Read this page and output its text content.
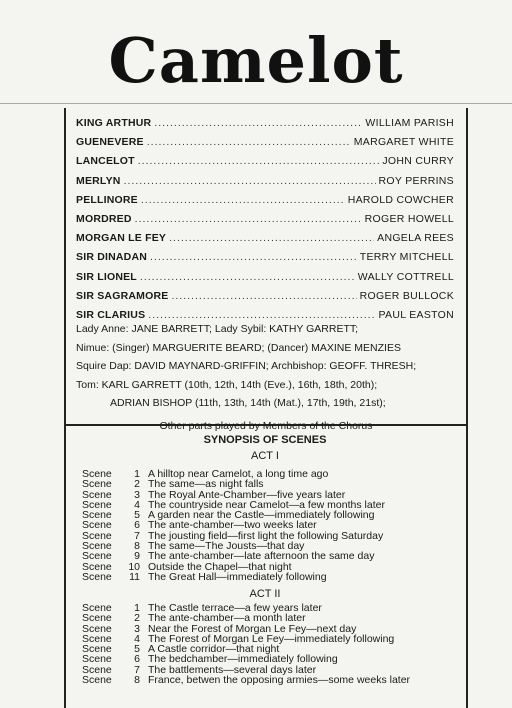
Camelot
KING ARTHUR .....	WILLIAM PARISH
GUENEVERE .....	MARGARET WHITE
LANCELOT .....	JOHN CURRY
MERLYN .....	ROY PERRINS
PELLINORE .....	HAROLD COWCHER
MORDRED .....	ROGER HOWELL
MORGAN LE FEY .....	ANGELA REES
SIR DINADAN .....	TERRY MITCHELL
SIR LIONEL .....	WALLY COTTRELL
SIR SAGRAMORE .....	ROGER BULLOCK
SIR CLARIUS .....	PAUL EASTON
Lady Anne: JANE BARRETT; Lady Sybil: KATHY GARRETT;
Nimue: (Singer) MARGUERITE BEARD; (Dancer) MAXINE MENZIES
Squire Dap: DAVID MAYNARD-GRIFFIN; Archbishop: GEOFF. THRESH;
Tom: KARL GARRETT (10th, 12th, 14th (Eve.), 16th, 18th, 20th);
ADRIAN BISHOP (11th, 13th, 14th (Mat.), 17th, 19th, 21st);
Other parts played by Members of the Chorus
SYNOPSIS OF SCENES
ACT I
Scene	1 A hilltop near Camelot, a long time ago
Scene	2 The same—as night falls
Scene	3 The Royal Ante-Chamber—five years later
Scene	4 The countryside near Camelot—a few months later
Scene	5 A garden near the Castle—immediately following
Scene	6 The ante-chamber—two weeks later
Scene	7 The jousting field—first light the following Saturday
Scene	8 The same—The Jousts—that day
Scene	9 The ante-chamber—late afternoon the same day
Scene	10 Outside the Chapel—that night
Scene	11 The Great Hall—immediately following
ACT II
Scene	1 The Castle terrace—a few years later
Scene	2 The ante-chamber—a month later
Scene	3 Near the Forest of Morgan Le Fey—next day
Scene	4 The Forest of Morgan Le Fey—immediately following
Scene	5 A Castle corridor—that night
Scene	6 The bedchamber—immediately following
Scene	7 The battlements—several days later
Scene	8 France, betwen the opposing armies—some weeks later
